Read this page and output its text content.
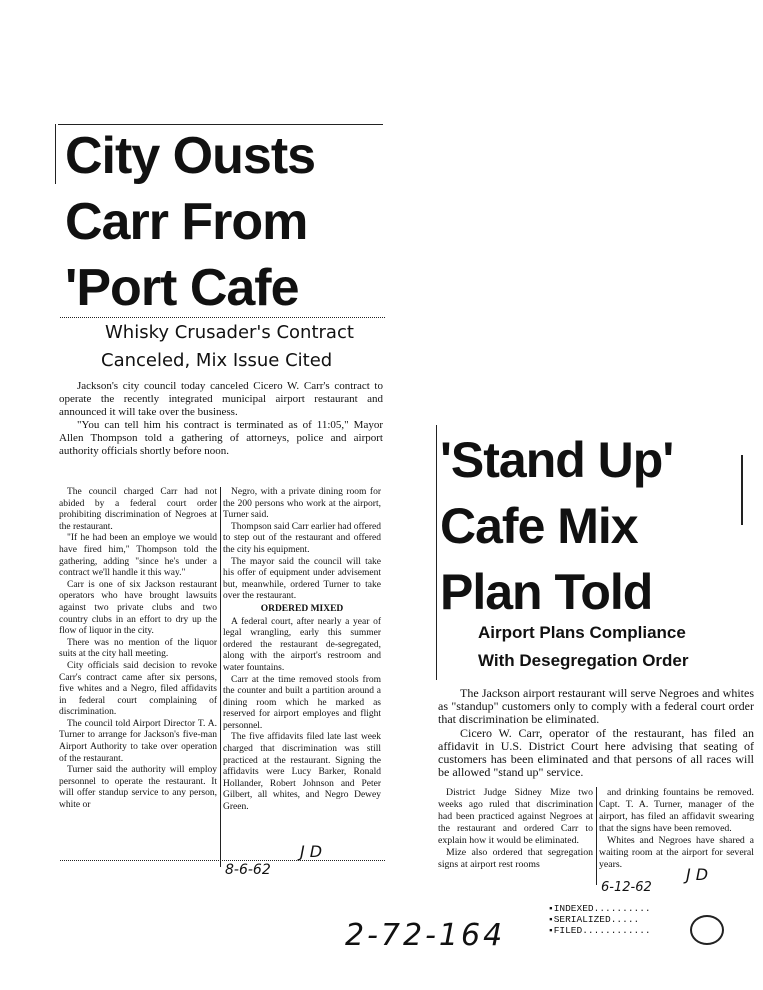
City Ousts
Carr From
'Port Cafe
Whisky Crusader's Contract
Canceled, Mix Issue Cited

Jackson's city council today canceled Cicero W. Carr's contract to operate the recently integrated municipal airport restaurant and announced it will take over the business.

"You can tell him his contract is terminated as of 11:05," Mayor Allen Thompson told a gathering of attorneys, police and airport authority officials shortly before noon.

The council charged Carr had not abided by a federal court order prohibiting discrimination of Negroes at the restaurant.

"If he had been an employe we would have fired him," Thompson told the gathering, adding "since he's under a contract we'll handle it this way."

Carr is one of six Jackson restaurant operators who have brought lawsuits against two private clubs and two country clubs in an effort to dry up the flow of liquor in the city.

There was no mention of the liquor suits at the city hall meeting.

City officials said decision to revoke Carr's contract came after six persons, five whites and a Negro, filed affidavits in federal court complaining of discrimination.

The council told Airport Director T. A. Turner to arrange for Jackson's five-man Airport Authority to take over operation of the restaurant.

Turner said the authority will employ personnel to operate the restaurant. It will offer standup service to any person, white or

Negro, with a private dining room for the 200 persons who work at the airport, Turner said.

Thompson said Carr earlier had offered to step out of the restaurant and offered the city his equipment.

The mayor said the council will take his offer of equipment under advisement but, meanwhile, ordered Turner to take over the restaurant.

ORDERED MIXED

A federal court, after nearly a year of legal wrangling, early this summer ordered the restaurant de-segregated, along with the airport's restroom and water fountains.

Carr at the time removed stools from the counter and built a partition around a dining room which he marked as reserved for airport employes and flight personnel.

The five affidavits filed late last week charged that discrimination was still practiced at the restaurant. Signing the affidavits were Lucy Barker, Ronald Hollander, Robert Johnson and Peter Gilbert, all whites, and Negro Dewey Green.

J D
8-6-62
'Stand Up'
Cafe Mix
Plan Told
Airport Plans Compliance
With Desegregation Order

The Jackson airport restaurant will serve Negroes and whites as "standup" customers only to comply with a federal court order that discrimination be eliminated.

Cicero W. Carr, operator of the restaurant, has filed an affidavit in U.S. District Court here advising that seating of customers has been eliminated and that persons of all races will be allowed "stand up" service.

District Judge Sidney Mize two weeks ago ruled that discrimination had been practiced against Negroes at the restaurant and ordered Carr to explain how it would be eliminated.

Mize also ordered that segregation signs at airport rest rooms

and drinking fountains be removed. Capt. T. A. Turner, manager of the airport, has filed an affidavit swearing that the signs have been removed.

Whites and Negroes have shared a waiting room at the airport for several years.

J D
6-12-62
▪INDEXED..........
▪SERIALIZED.....
▪FILED............
2-72-164
